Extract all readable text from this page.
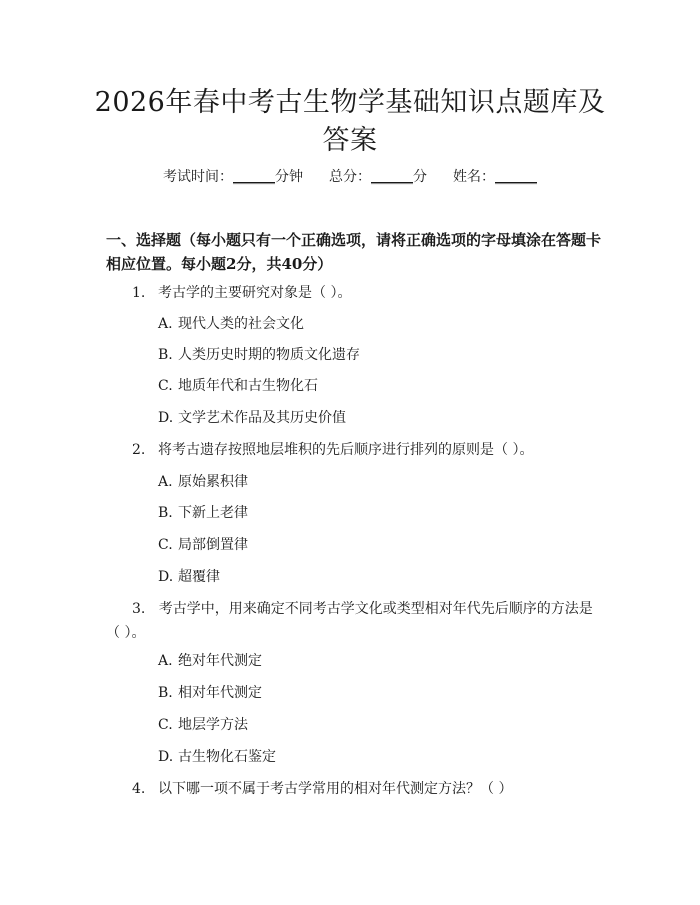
2026年春中考古生物学基础知识点题库及答案
考试时间：______分钟 总分：______分 姓名：______
一、选择题（每小题只有一个正确选项，请将正确选项的字母填涂在答题卡相应位置。每小题2分，共40分）
1. 考古学的主要研究对象是（ ）。
A. 现代人类的社会文化
B. 人类历史时期的物质文化遗存
C. 地质年代和古生物化石
D. 文学艺术作品及其历史价值
2. 将考古遗存按照地层堆积的先后顺序进行排列的原则是（ ）。
A. 原始累积律
B. 下新上老律
C. 局部倒置律
D. 超覆律
3. 考古学中，用来确定不同考古学文化或类型相对年代先后顺序的方法是（ ）。
A. 绝对年代测定
B. 相对年代测定
C. 地层学方法
D. 古生物化石鉴定
4. 以下哪一项不属于考古学常用的相对年代测定方法？（ ）
